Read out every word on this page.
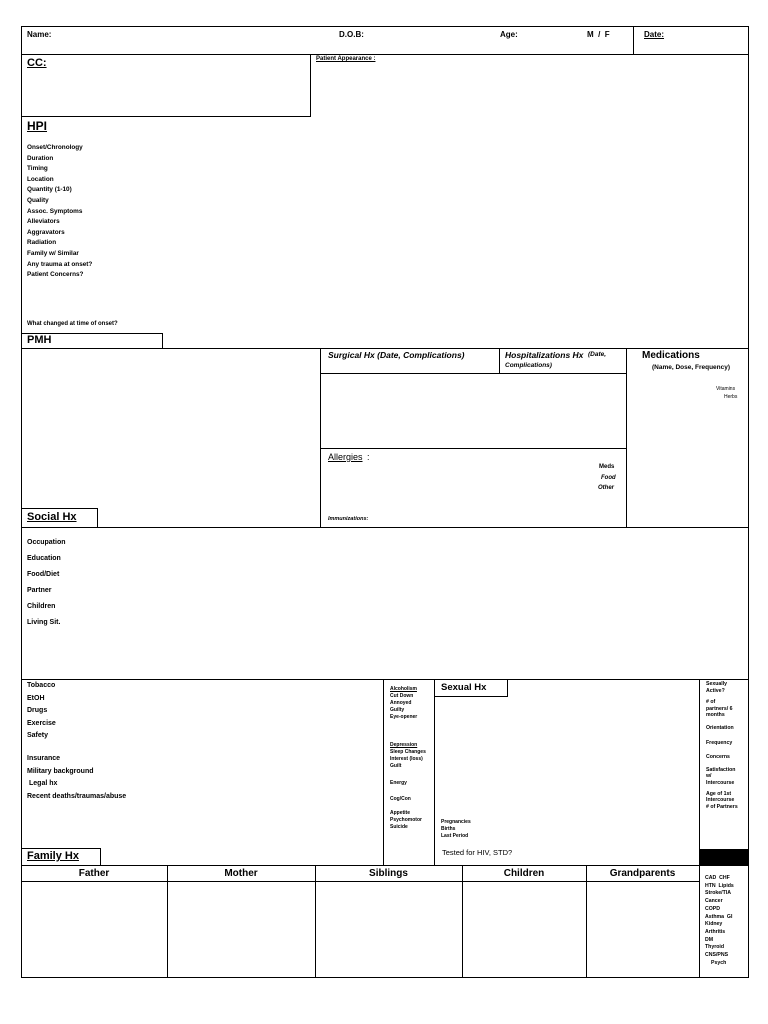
Name:	D.O.B:	Age:	M  /  F	Date:
CC:	Patient Appearance :
HPI
Onset/Chronology
Duration
Timing
Location
Quantity (1-10)
Quality
Assoc. Symptoms
Alleviators
Aggravators
Radiation
Family w/ Similar
Any trauma at onset?
Patient Concerns?
What changed at time of onset?
PMH
Surgical Hx (Date, Complications)	Hospitalizations Hx (Date,
Complications)
Medications
(Name, Dose, Frequency)
Vitamins
Herbs
Allergies :
Meds
Food
Other
Immunizations:
Social Hx
Occupation
Education
Food/Diet
Partner
Children
Living Sit.
Tobacco
EtOH
Drugs
Exercise
Safety
Insurance
Military background
Legal hx
Recent deaths/traumas/abuse
Alcoholism
Cut Down
Annoyed
Guilty
Eye-opener
Depression
Sleep Changes
Interest (loss)
Guilt
Energy
Cog/Con
Appetite
Psychomotor
Suicide
Sexual Hx
Pregnancies
Births
Last Period
Tested for HIV, STD?
Sexually
Active?
# of
partners/ 6
months
Orientation
Frequency
Concerns
Satisfaction
w/
Intercourse
Age of 1st
Intercourse
# of Partners
Family Hx
Father	Mother	Siblings	Children	Grandparents	CAD  CHF
HTN  Lipids
Stroke/TIA
Cancer
COPD
Asthma  GI
Kidney
Arthritis
DM
Thyroid
CNS/PNS
Psych
